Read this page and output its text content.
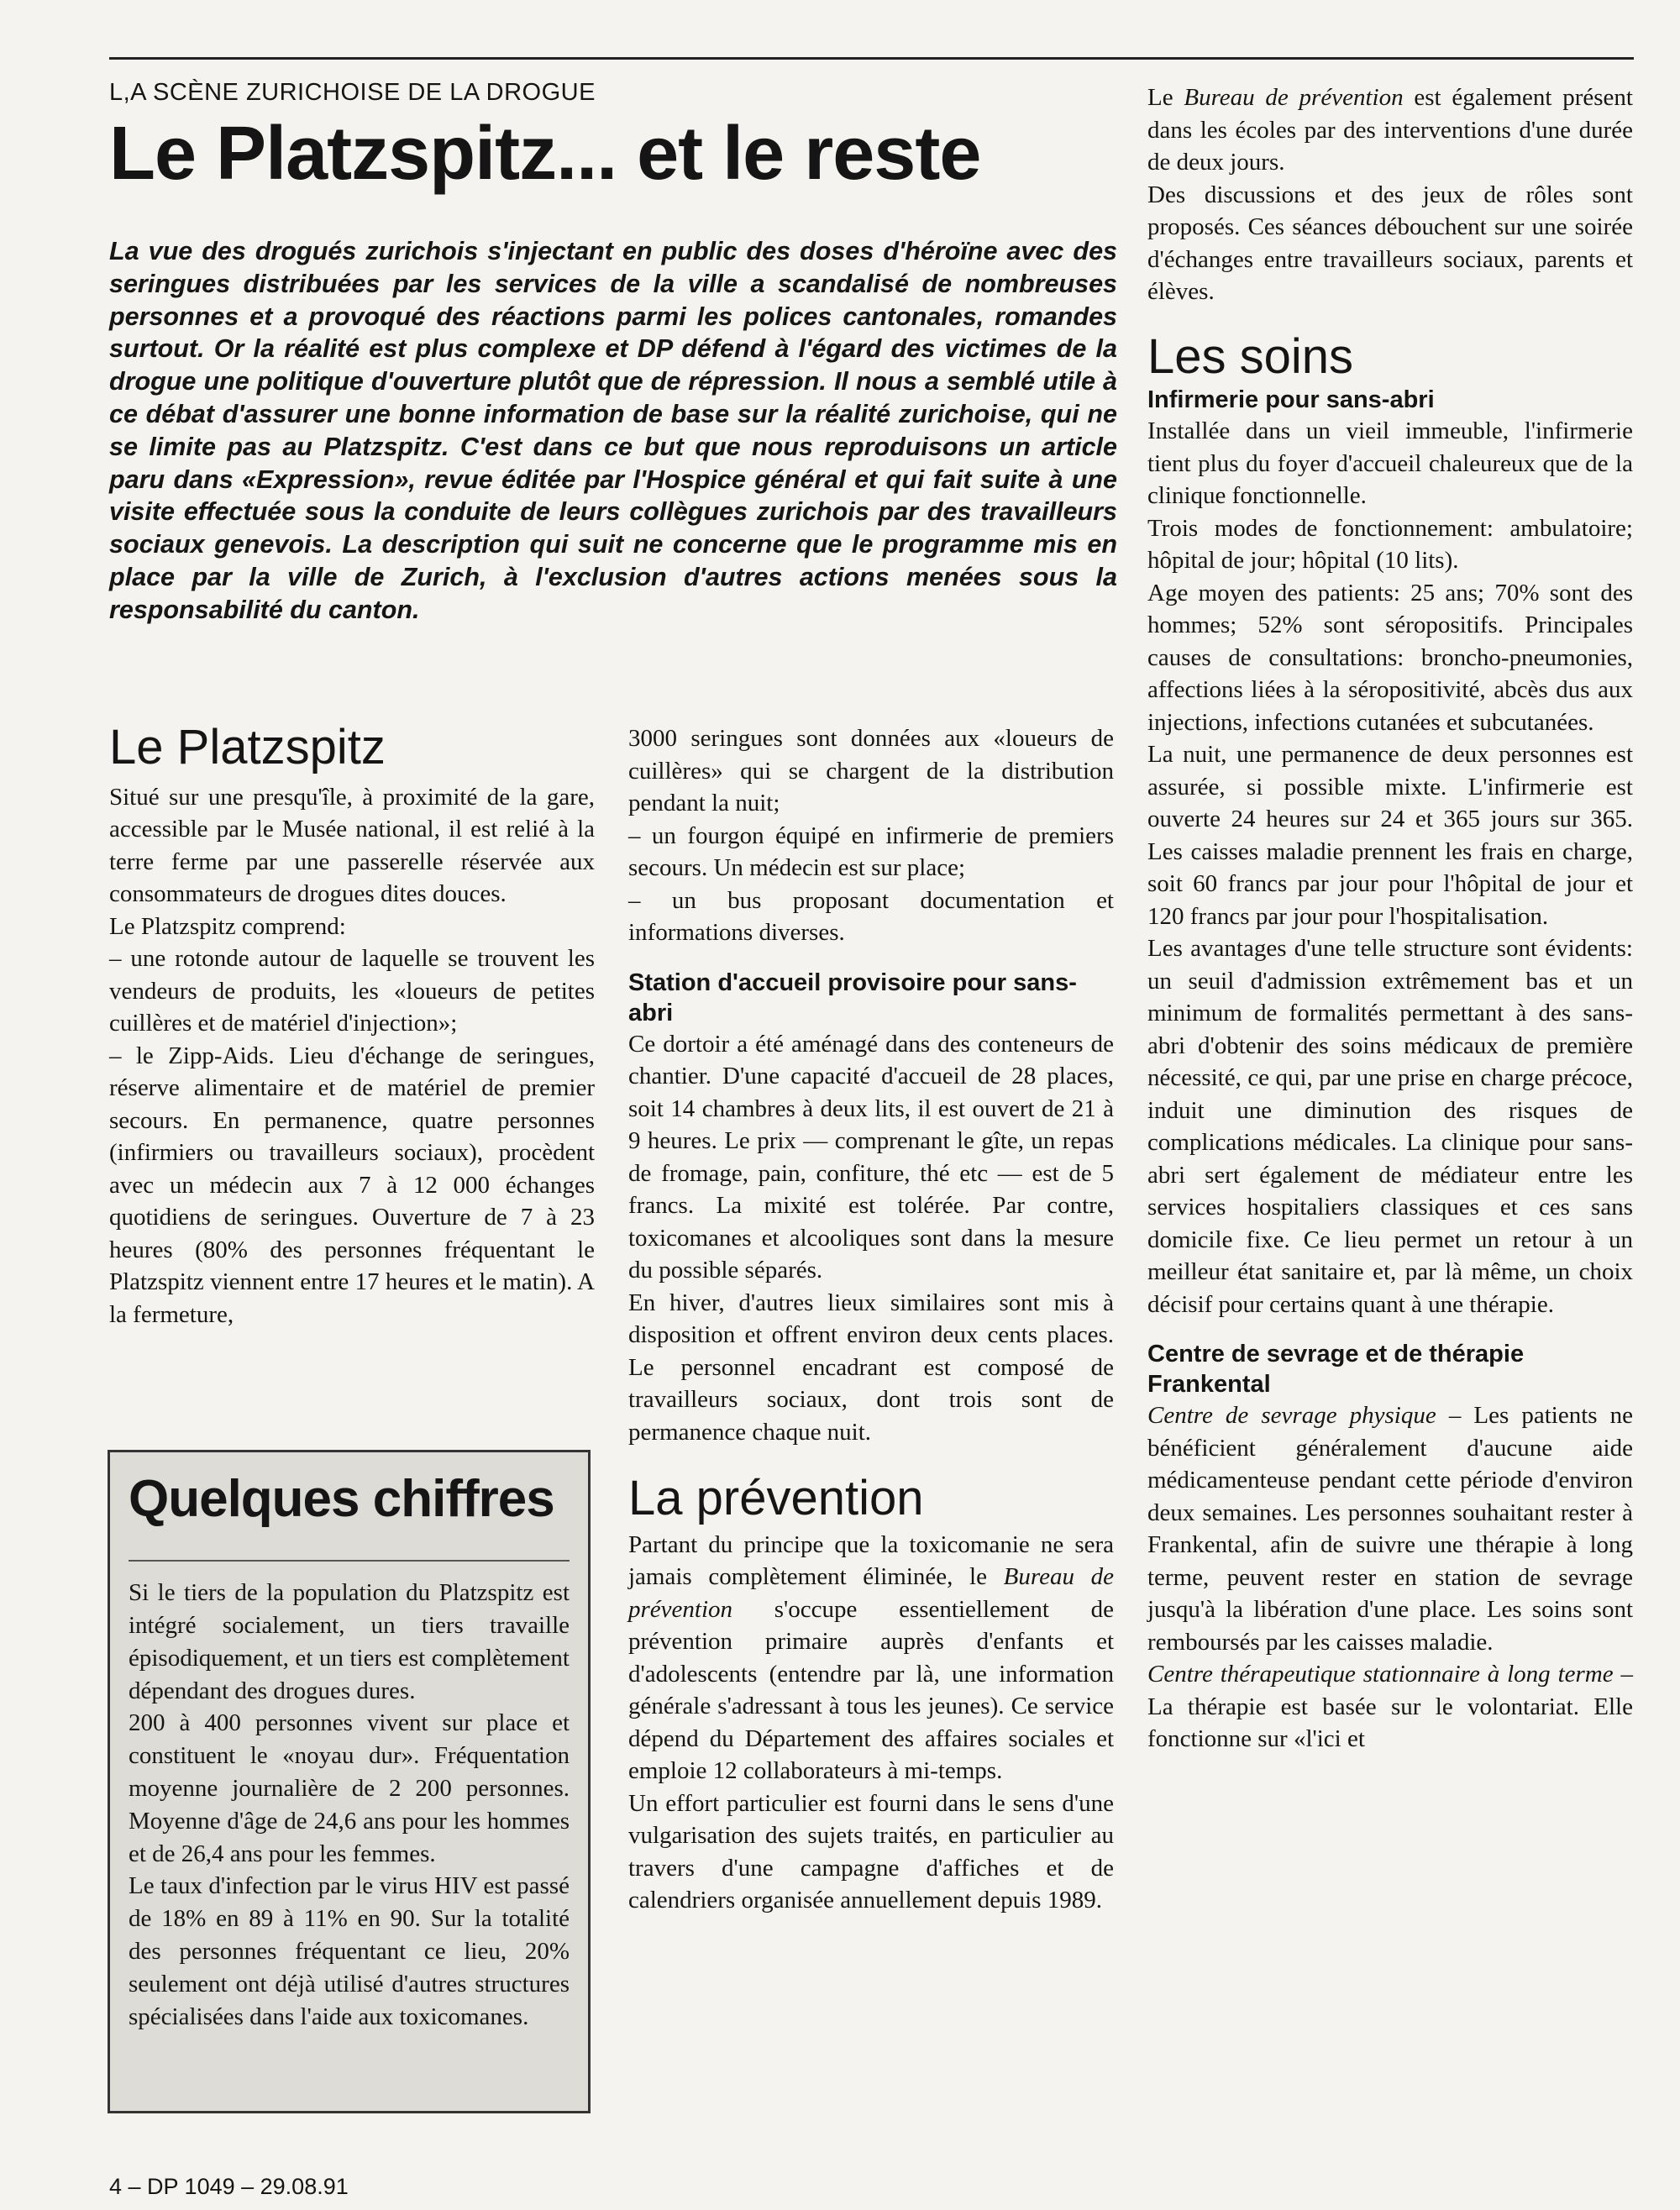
L,A SCÈNE ZURICHOISE DE LA DROGUE
Le Platzspitz... et le reste

La vue des drogués zurichois s'injectant en public des doses d'héroïne avec des seringues distribuées par les services de la ville a scandalisé de nombreuses personnes et a provoqué des réactions parmi les polices cantonales, romandes surtout. Or la réalité est plus complexe et DP défend à l'égard des victimes de la drogue une politique d'ouverture plutôt que de répression. Il nous a semblé utile à ce débat d'assurer une bonne information de base sur la réalité zurichoise, qui ne se limite pas au Platzspitz. C'est dans ce but que nous reproduisons un article paru dans «Expression», revue éditée par l'Hospice général et qui fait suite à une visite effectuée sous la conduite de leurs collègues zurichois par des travailleurs sociaux genevois. La description qui suit ne concerne que le programme mis en place par la ville de Zurich, à l'exclusion d'autres actions menées sous la responsabilité du canton.

Le Platzspitz

Situé sur une presqu'île, à proximité de la gare, accessible par le Musée national, il est relié à la terre ferme par une passerelle réservée aux consommateurs de drogues dites douces.

Le Platzspitz comprend:

– une rotonde autour de laquelle se trouvent les vendeurs de produits, les «loueurs de petites cuillères et de matériel d'injection»;

– le Zipp-Aids. Lieu d'échange de seringues, réserve alimentaire et de matériel de premier secours. En permanence, quatre personnes (infirmiers ou travailleurs sociaux), procèdent avec un médecin aux 7 à 12 000 échanges quotidiens de seringues. Ouverture de 7 à 23 heures (80% des personnes fréquentant le Platzspitz viennent entre 17 heures et le matin). A la fermeture,

Quelques chiffres

Si le tiers de la population du Platzspitz est intégré socialement, un tiers travaille épisodiquement, et un tiers est complètement dépendant des drogues dures.

200 à 400 personnes vivent sur place et constituent le «noyau dur». Fréquentation moyenne journalière de 2 200 personnes. Moyenne d'âge de 24,6 ans pour les hommes et de 26,4 ans pour les femmes.

Le taux d'infection par le virus HIV est passé de 18% en 89 à 11% en 90. Sur la totalité des personnes fréquentant ce lieu, 20% seulement ont déjà utilisé d'autres structures spécialisées dans l'aide aux toxicomanes.

3000 seringues sont données aux «loueurs de cuillères» qui se chargent de la distribution pendant la nuit;

– un fourgon équipé en infirmerie de premiers secours. Un médecin est sur place;

– un bus proposant documentation et informations diverses.

Station d'accueil provisoire pour sans-abri

Ce dortoir a été aménagé dans des conteneurs de chantier. D'une capacité d'accueil de 28 places, soit 14 chambres à deux lits, il est ouvert de 21 à 9 heures. Le prix — comprenant le gîte, un repas de fromage, pain, confiture, thé etc — est de 5 francs. La mixité est tolérée. Par contre, toxicomanes et alcooliques sont dans la mesure du possible séparés.

En hiver, d'autres lieux similaires sont mis à disposition et offrent environ deux cents places. Le personnel encadrant est composé de travailleurs sociaux, dont trois sont de permanence chaque nuit.

La prévention

Partant du principe que la toxicomanie ne sera jamais complètement éliminée, le Bureau de prévention s'occupe essentiellement de prévention primaire auprès d'enfants et d'adolescents (entendre par là, une information générale s'adressant à tous les jeunes). Ce service dépend du Département des affaires sociales et emploie 12 collaborateurs à mi-temps.

Un effort particulier est fourni dans le sens d'une vulgarisation des sujets traités, en particulier au travers d'une campagne d'affiches et de calendriers organisée annuellement depuis 1989.

Le Bureau de prévention est également présent dans les écoles par des interventions d'une durée de deux jours.

Des discussions et des jeux de rôles sont proposés. Ces séances débouchent sur une soirée d'échanges entre travailleurs sociaux, parents et élèves.

Les soins
Infirmerie pour sans-abri

Installée dans un vieil immeuble, l'infirmerie tient plus du foyer d'accueil chaleureux que de la clinique fonctionnelle.

Trois modes de fonctionnement: ambulatoire; hôpital de jour; hôpital (10 lits).

Age moyen des patients: 25 ans; 70% sont des hommes; 52% sont séropositifs. Principales causes de consultations: broncho-pneumonies, affections liées à la séropositivité, abcès dus aux injections, infections cutanées et subcutanées.

La nuit, une permanence de deux personnes est assurée, si possible mixte. L'infirmerie est ouverte 24 heures sur 24 et 365 jours sur 365. Les caisses maladie prennent les frais en charge, soit 60 francs par jour pour l'hôpital de jour et 120 francs par jour pour l'hospitalisation.

Les avantages d'une telle structure sont évidents: un seuil d'admission extrêmement bas et un minimum de formalités permettant à des sans-abri d'obtenir des soins médicaux de première nécessité, ce qui, par une prise en charge précoce, induit une diminution des risques de complications médicales. La clinique pour sans-abri sert également de médiateur entre les services hospitaliers classiques et ces sans domicile fixe. Ce lieu permet un retour à un meilleur état sanitaire et, par là même, un choix décisif pour certains quant à une thérapie.

Centre de sevrage et de thérapie Frankental

Centre de sevrage physique – Les patients ne bénéficient généralement d'aucune aide médicamenteuse pendant cette période d'environ deux semaines. Les personnes souhaitant rester à Frankental, afin de suivre une thérapie à long terme, peuvent rester en station de sevrage jusqu'à la libération d'une place. Les soins sont remboursés par les caisses maladie.

Centre thérapeutique stationnaire à long terme – La thérapie est basée sur le volontariat. Elle fonctionne sur «l'ici et

4 – DP 1049 – 29.08.91
